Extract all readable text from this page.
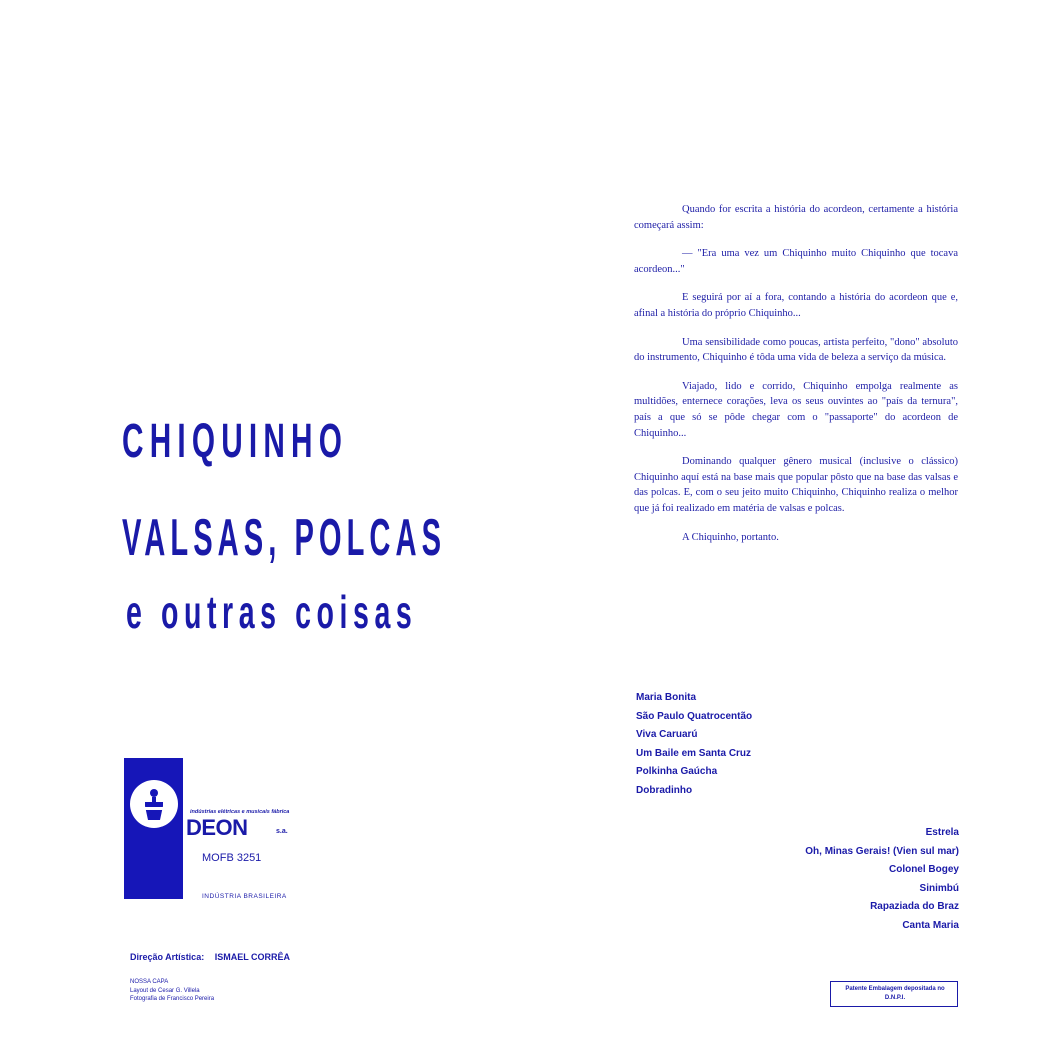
CHIQUINHO
VALSAS, POLCAS
e outras coisas

Quando for escrita a história do acordeon, certamente a história começará assim:

— "Era uma vez um Chiquinho muito Chiquinho que tocava acordeon..."

E seguirá por aí a fora, contando a história do acordeon que e, afinal a história do próprio Chiquinho...

Uma sensibilidade como poucas, artista perfeito, "dono" absoluto do instrumento, Chiquinho é tôda uma vida de beleza a serviço da música.

Viajado, lido e corrido, Chiquinho empolga realmente as multidões, enternece corações, leva os seus ouvintes ao "país da ternura", país a que só se pôde chegar com o "passaporte" do acordeon de Chiquinho...

Dominando qualquer gênero musical (inclusive o clássico) Chiquinho aquí está na base mais que popular pôsto que na base das valsas e das polcas. E, com o seu jeito muito Chiquinho, Chiquinho realiza o melhor que já foi realizado em matéria de valsas e polcas.

A Chiquinho, portanto.

Maria Bonita
São Paulo Quatrocentão
Viva Caruarú
Um Baile em Santa Cruz
Polkinha Gaúcha
Dobradinho
Estrela
Oh, Minas Gerais! (Vien sul mar)
Colonel Bogey
Sinimbú
Rapaziada do Braz
Canta Maria
indústrias elétricas e musicais fábrica
DEON	s.a.
MOFB 3251
INDÚSTRIA BRASILEIRA
Direção Artística: ISMAEL CORRÊA
NOSSA CAPA
Layout de Cesar G. Villela
Fotografia de Francisco Pereira
Patente Embalagem depositada no D.N.P.I.
